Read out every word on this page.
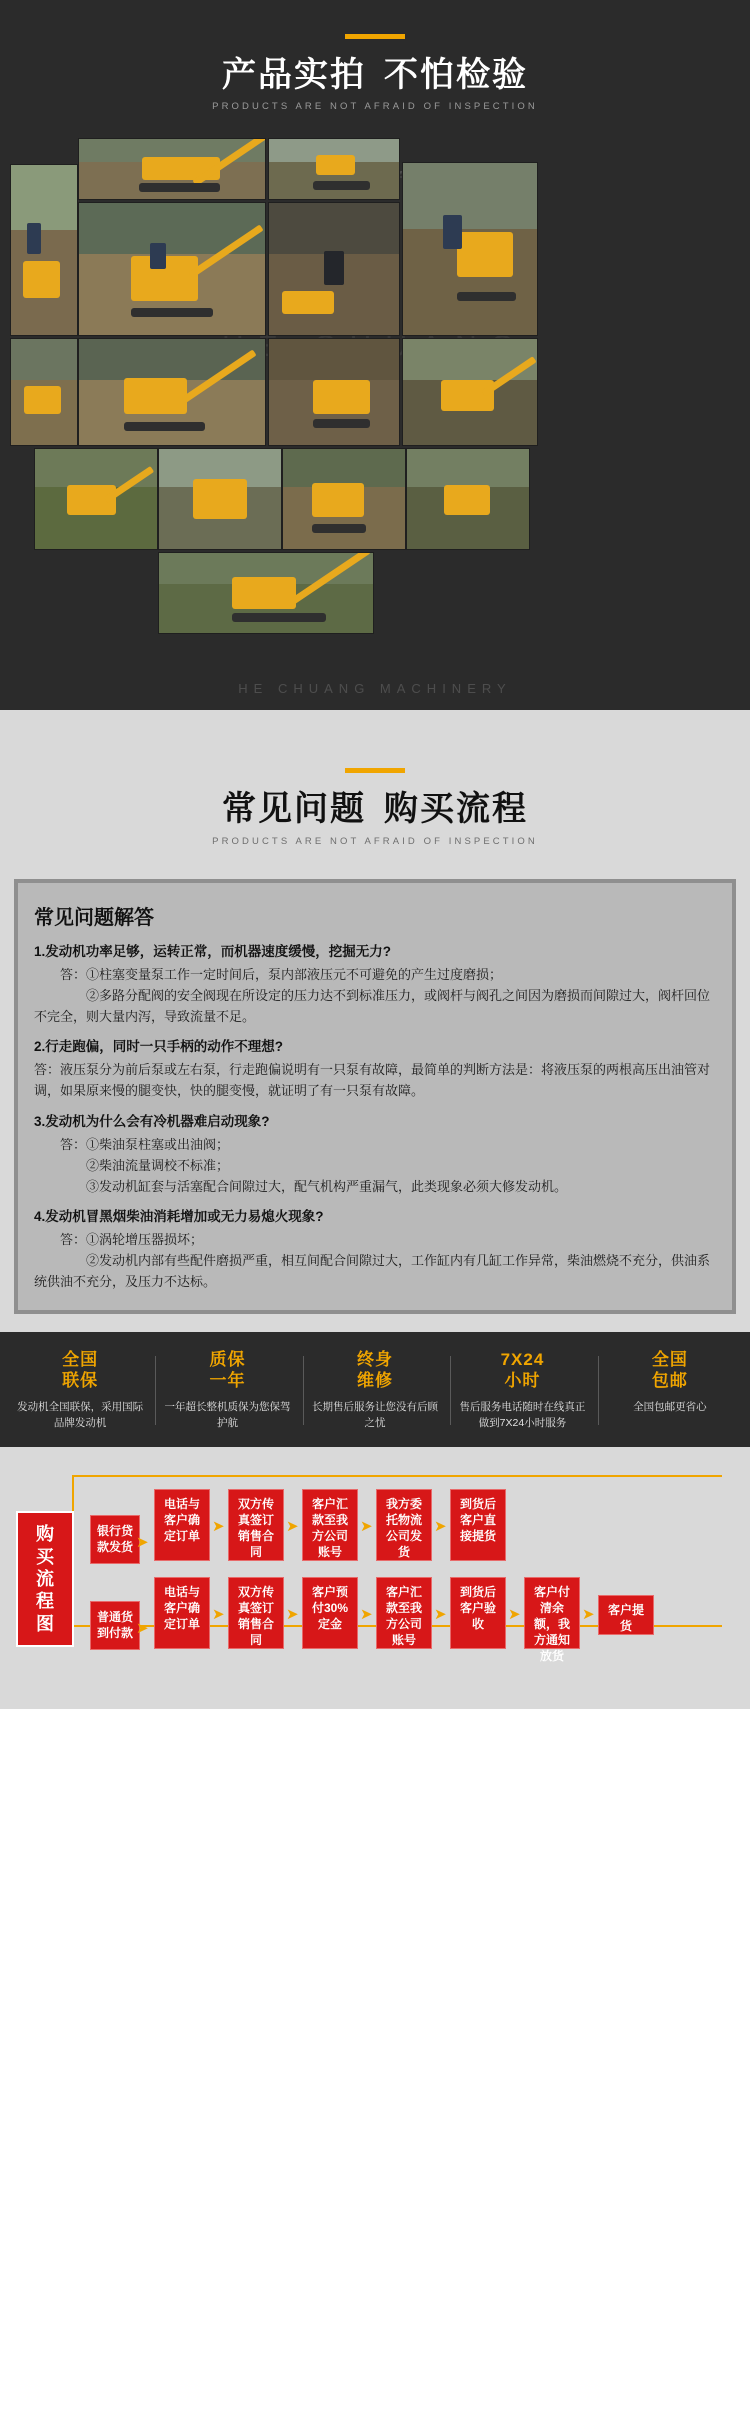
产品实拍 不怕检验
PRODUCTS ARE NOT AFRAID OF INSPECTION
HE CHUANG MACHINERY
常见问题 购买流程
PRODUCTS ARE NOT AFRAID OF INSPECTION
常见问题解答
1.发动机功率足够，运转正常，而机器速度缓慢，挖掘无力?

答：①柱塞变量泵工作一定时间后，泵内部液压元不可避免的产生过度磨损；

②多路分配阀的安全阀现在所设定的压力达不到标准压力，或阀杆与阀孔之间因为磨损而间隙过大，阀杆回位不完全，则大量内泻，导致流量不足。

2.行走跑偏，同时一只手柄的动作不理想?

答：液压泵分为前后泵或左右泵，行走跑偏说明有一只泵有故障，最简单的判断方法是：将液压泵的两根高压出油管对调，如果原来慢的腿变快，快的腿变慢，就证明了有一只泵有故障。

3.发动机为什么会有冷机器难启动现象?

答：①柴油泵柱塞或出油阀；

②柴油流量调校不标准；

③发动机缸套与活塞配合间隙过大，配气机构严重漏气，此类现象必须大修发动机。

4.发动机冒黑烟柴油消耗增加或无力易熄火现象?

答：①涡轮增压器损坏；

②发动机内部有些配件磨损严重，相互间配合间隙过大，工作缸内有几缸工作异常，柴油燃烧不充分，供油系统供油不充分，及压力不达标。

全国
联保
发动机全国联保，采用国际品牌发动机
质保
一年
一年超长整机质保为您保驾护航
终身
维修
长期售后服务让您没有后顾之忧
7X24
小时
售后服务电话随时在线真正做到7X24小时服务
全国
包邮
全国包邮更省心
购
买
流
程
图
银行贷款发货 ➤
电话与客户确定订单
➤
双方传真签订销售合同
➤
客户汇款至我方公司账号
➤
我方委托物流公司发货
➤
到货后客户直接提货
普通货到付款 ➤
电话与客户确定订单
➤
双方传真签订销售合同
➤
客户预付30%定金
➤
客户汇款至我方公司账号
➤
到货后客户验收
➤
客户付清余额，我方通知放货
➤	客户提货
